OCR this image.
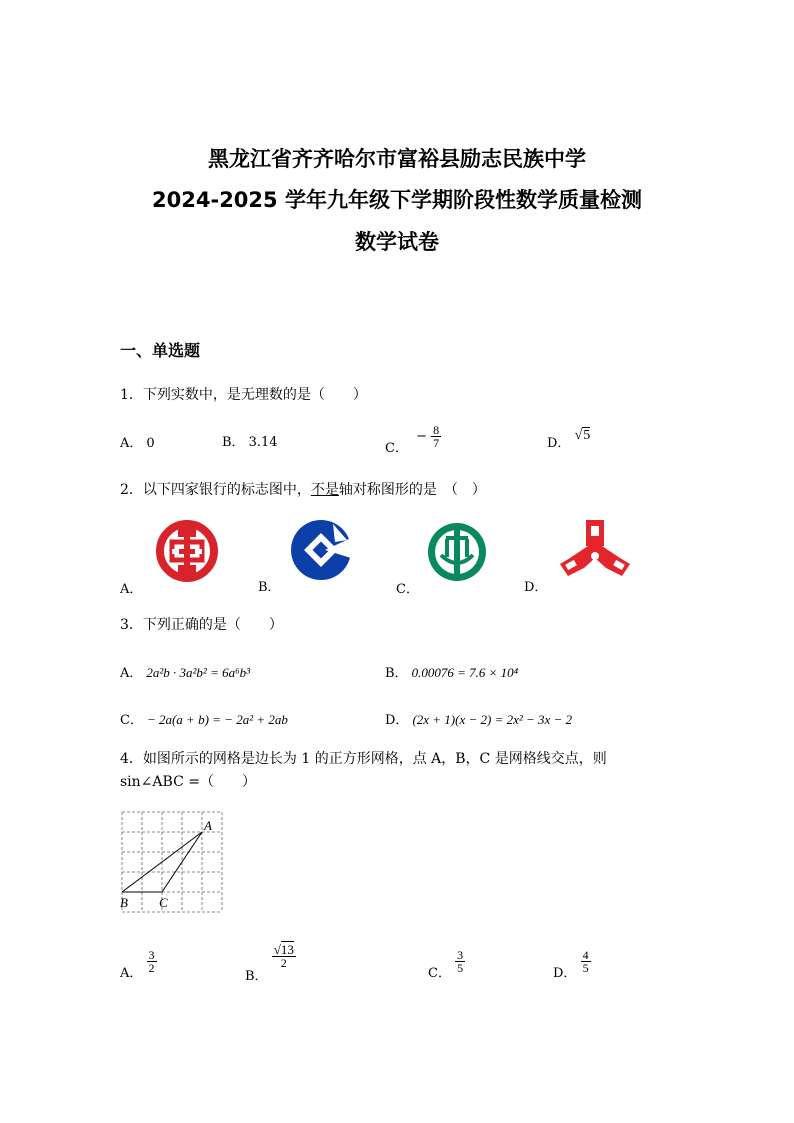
黑龙江省齐齐哈尔市富裕县励志民族中学
2024-2025 学年九年级下学期阶段性数学质量检测
数学试卷
一、单选题
1．下列实数中，是无理数的是（　　）
A． 0	B． 3.14	C． − $\frac{8}{7}$	D． √5
2．以下四家银行的标志图中，不是轴对称图形的是　（　）
A．	B．	C．	D．
3．下列正确的是（　　）
A． 2a²b · 3a²b² = 6a⁶b³	B． 0.00076 = 7.6 × 10⁴
C． − 2a(a + b) = − 2a² + 2ab	D． (2x + 1)(x − 2) = 2x² − 3x − 2
4．如图所示的网格是边长为 1 的正方形网格，点 A，B，C 是网格线交点，则
sin∠ABC =（　　）
A
B C
A． $\frac{3}{2}$
B．
$\frac{√13}{2}$
C． $\frac{3}{5}$	D． $\frac{4}{5}$
